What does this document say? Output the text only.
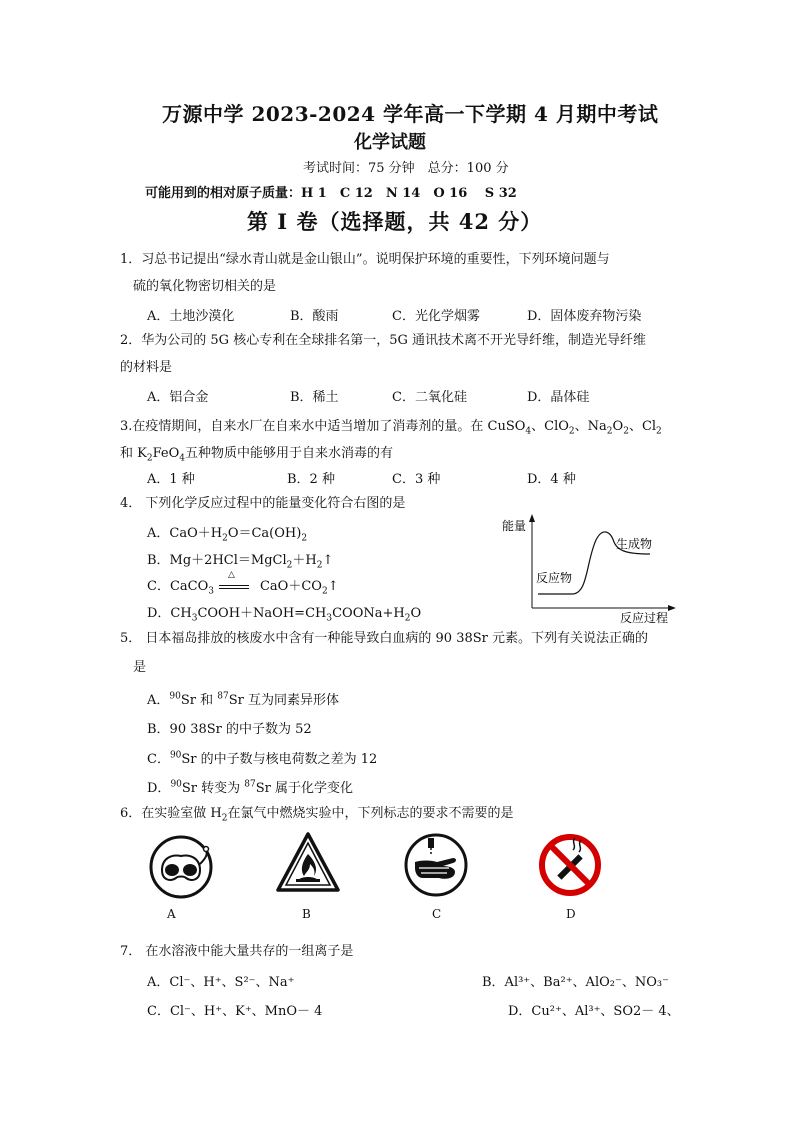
万源中学 2023-2024 学年高一下学期 4 月期中考试
化学试题
考试时间：75 分钟　总分：100 分
可能用到的相对原子质量：H 1　C 12　N 14　O 16　 S 32
第 I 卷（选择题，共 42 分）
1．习总书记提出“绿水青山就是金山银山”。说明保护环境的重要性，下列环境问题与
硫的氧化物密切相关的是
A．土地沙漠化	B．酸雨	C．光化学烟雾	D．固体废弃物污染
2．华为公司的 5G 核心专利在全球排名第一，5G 通讯技术离不开光导纤维，制造光导纤维
的材料是
A．铝合金	B．稀土	C．二氧化硅	D．晶体硅
3.在疫情期间，自来水厂在自来水中适当增加了消毒剂的量。在 CuSO$_4$、ClO$_2$、$Na_2O_2$、$Cl_2$
和 $K_2FeO_4$五种物质中能够用于自来水消毒的有
A．1 种	B．2 种	C．3 种	D．4 种
4． 下列化学反应过程中的能量变化符合右图的是
A．$CaO+H_2O=Ca(OH)_2$
B．$Mg+2HCl=MgCl_2+H_2↑$
C．CaCO$_3$
△
$CaO+CO_2↑$
D．$CH_3COOH+NaOH=CH_3COONa+H_2O$
能量
反应物
生成物
反应过程
5． 日本福岛排放的核废水中含有一种能导致白血病的 90 38Sr 元素。下列有关说法正确的
是
A．$^{90}$Sr 和 $^{87}$Sr 互为同素异形体
B．90 38Sr 的中子数为 52
C．$^{90}$Sr 的中子数与核电荷数之差为 12
D．$^{90}$Sr 转变为 $^{87}$Sr 属于化学变化
6．在实验室做 $H_2$在氯气中燃烧实验中，下列标志的要求不需要的是
A	B	C	D
7． 在水溶液中能大量共存的一组离子是
A．Cl⁻、H⁺、S²⁻、Na⁺	B．Al³⁺、Ba²⁺、AlO₂⁻、NO₃⁻
C．Cl⁻、H⁺、K⁺、MnO－ 4	D．Cu²⁺、Al³⁺、SO2－ 4、
